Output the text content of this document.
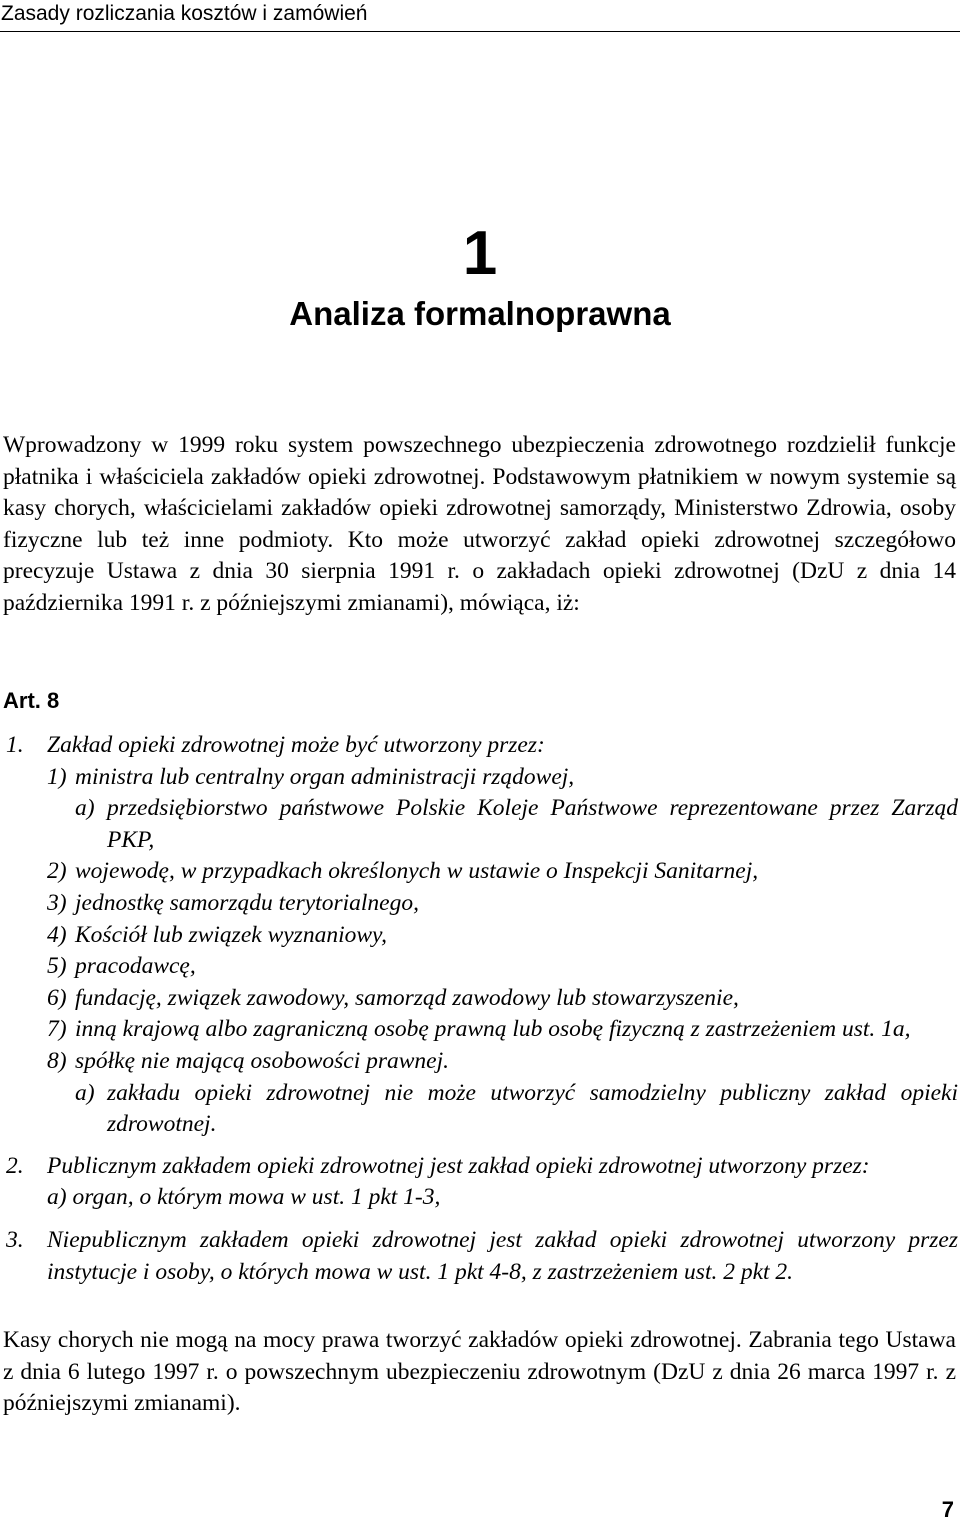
Zasady rozliczania kosztów i zamówień
1
Analiza formalnoprawna

Wprowadzony w 1999 roku system powszechnego ubezpieczenia zdrowotnego rozdzielił funkcje płatnika i właściciela zakładów opieki zdrowotnej. Podstawowym płatnikiem w nowym systemie są kasy chorych, właścicielami zakładów opieki zdrowotnej samorządy, Ministerstwo Zdrowia, osoby fizyczne lub też inne podmioty. Kto może utworzyć zakład opieki zdrowotnej szczegółowo precyzuje Ustawa z dnia 30 sierpnia 1991 r. o zakładach opieki zdrowotnej (DzU z dnia 14 października 1991 r. z późniejszymi zmianami), mówiąca, iż:

Art. 8
1. Zakład opieki zdrowotnej może być utworzony przez:
1) ministra lub centralny organ administracji rządowej,
a) przedsiębiorstwo państwowe Polskie Koleje Państwowe reprezentowane przez Zarząd PKP,
2) wojewodę, w przypadkach określonych w ustawie o Inspekcji Sanitarnej,
3) jednostkę samorządu terytorialnego,
4) Kościół lub związek wyznaniowy,
5) pracodawcę,
6) fundację, związek zawodowy, samorząd zawodowy lub stowarzyszenie,
7) inną krajową albo zagraniczną osobę prawną lub osobę fizyczną z zastrzeżeniem ust. 1a,
8) spółkę nie mającą osobowości prawnej.
a) zakładu opieki zdrowotnej nie może utworzyć samodzielny publiczny zakład opieki zdrowotnej.
2. Publicznym zakładem opieki zdrowotnej jest zakład opieki zdrowotnej utworzony przez:
a) organ, o którym mowa w ust. 1 pkt 1-3,
3. Niepublicznym zakładem opieki zdrowotnej jest zakład opieki zdrowotnej utworzony przez instytucje i osoby, o których mowa w ust. 1 pkt 4-8, z zastrzeżeniem ust. 2 pkt 2.

Kasy chorych nie mogą na mocy prawa tworzyć zakładów opieki zdrowotnej. Zabrania tego Ustawa z dnia 6 lutego 1997 r. o powszechnym ubezpieczeniu zdrowotnym (DzU z dnia 26 marca 1997 r. z późniejszymi zmianami).

7
